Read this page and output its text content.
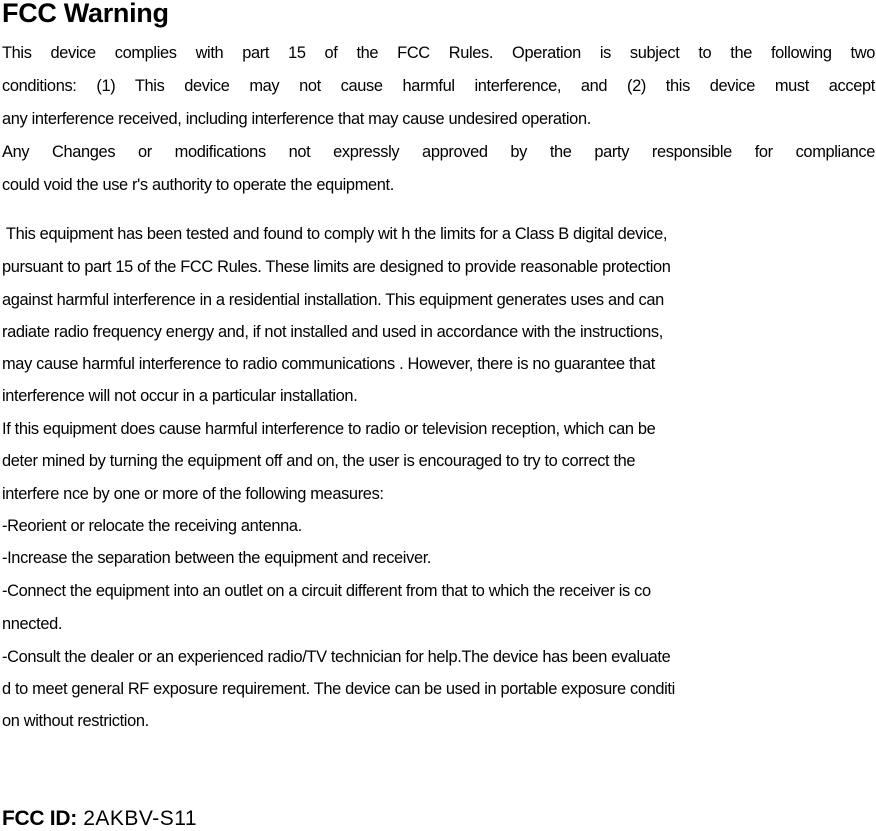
FCC Warning
This device complies with part 15 of the FCC Rules. Operation is subject to the following two
conditions: (1) This device may not cause harmful interference, and (2) this device must accept
any interference received, including interference that may cause undesired operation.
Any Changes or modifications not expressly approved by the party responsible for compliance
could void the use r's authority to operate the equipment.
This equipment has been tested and found to comply wit h the limits for a Class B digital device,
pursuant to part 15 of the FCC Rules. These limits are designed to provide reasonable protection
against harmful interference in a residential installation. This equipment generates uses and can
radiate radio frequency energy and, if not installed and used in accordance with the instructions,
may cause harmful interference to radio communications . However, there is no guarantee that
interference will not occur in a particular installation.
If this equipment does cause harmful interference to radio or television reception, which can be
deter mined by turning the equipment off and on, the user is encouraged to try to correct the
interfere nce by one or more of the following measures:
-Reorient or relocate the receiving antenna.
-Increase the separation between the equipment and receiver.
-Connect the equipment into an outlet on a circuit different from that to which the receiver is co
nnected.
-Consult the dealer or an experienced radio/TV technician for help.The device has been evaluate
d to meet general RF exposure requirement. The device can be used in portable exposure conditi
on without restriction.
FCC ID: 2AKBV-S11
